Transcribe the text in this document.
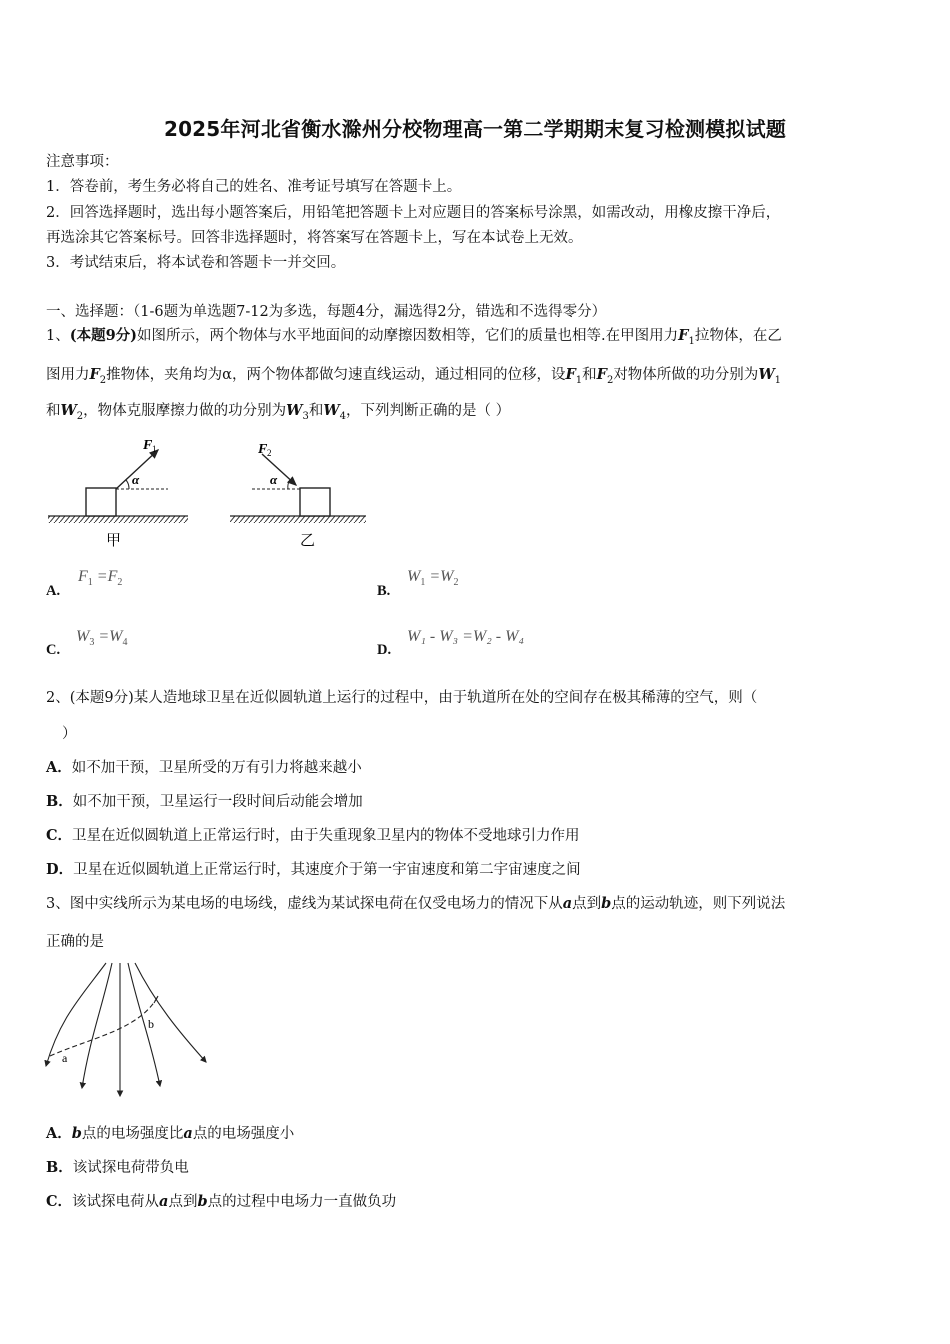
2025年河北省衡水滁州分校物理高一第二学期期末复习检测模拟试题
注意事项：
1．答卷前，考生务必将自己的姓名、准考证号填写在答题卡上。
2．回答选择题时，选出每小题答案后，用铅笔把答题卡上对应题目的答案标号涂黑，如需改动，用橡皮擦干净后，
再选涂其它答案标号。回答非选择题时，将答案写在答题卡上，写在本试卷上无效。
3．考试结束后，将本试卷和答题卡一并交回。
一、选择题：（1-6题为单选题7-12为多选，每题4分，漏选得2分，错选和不选得零分）
1、(本题9分)如图所示，两个物体与水平地面间的动摩擦因数相等，它们的质量也相等.在甲图用力$F_1$拉物体，在乙
图用力$F_2$推物体，夹角均为α，两个物体都做匀速直线运动，通过相同的位移，设$F_1$和$F_2$对物体所做的功分别为$W_1$
和$W_2$，物体克服摩擦力做的功分别为$W_3$和$W_4$，下列判断正确的是（ ）
F 1
α
甲
F 2
α
乙
A.
$F_1 =F_2$
B.
$W_1 =W_2$
C.
$W_3 =W_4$	D.
W₁ - W₃ =W₂ - W₄
2、(本题9分)某人造地球卫星在近似圆轨道上运行的过程中，由于轨道所在处的空间存在极其稀薄的空气，则（
）
A．如不加干预，卫星所受的万有引力将越来越小
B．如不加干预，卫星运行一段时间后动能会增加
C．卫星在近似圆轨道上正常运行时，由于失重现象卫星内的物体不受地球引力作用
D．卫星在近似圆轨道上正常运行时，其速度介于第一宇宙速度和第二宇宙速度之间
3、图中实线所示为某电场的电场线，虚线为某试探电荷在仅受电场力的情况下从a点到b点的运动轨迹，则下列说法
正确的是
a
b
A．b点的电场强度比a点的电场强度小
B．该试探电荷带负电
C．该试探电荷从a点到b点的过程中电场力一直做负功
